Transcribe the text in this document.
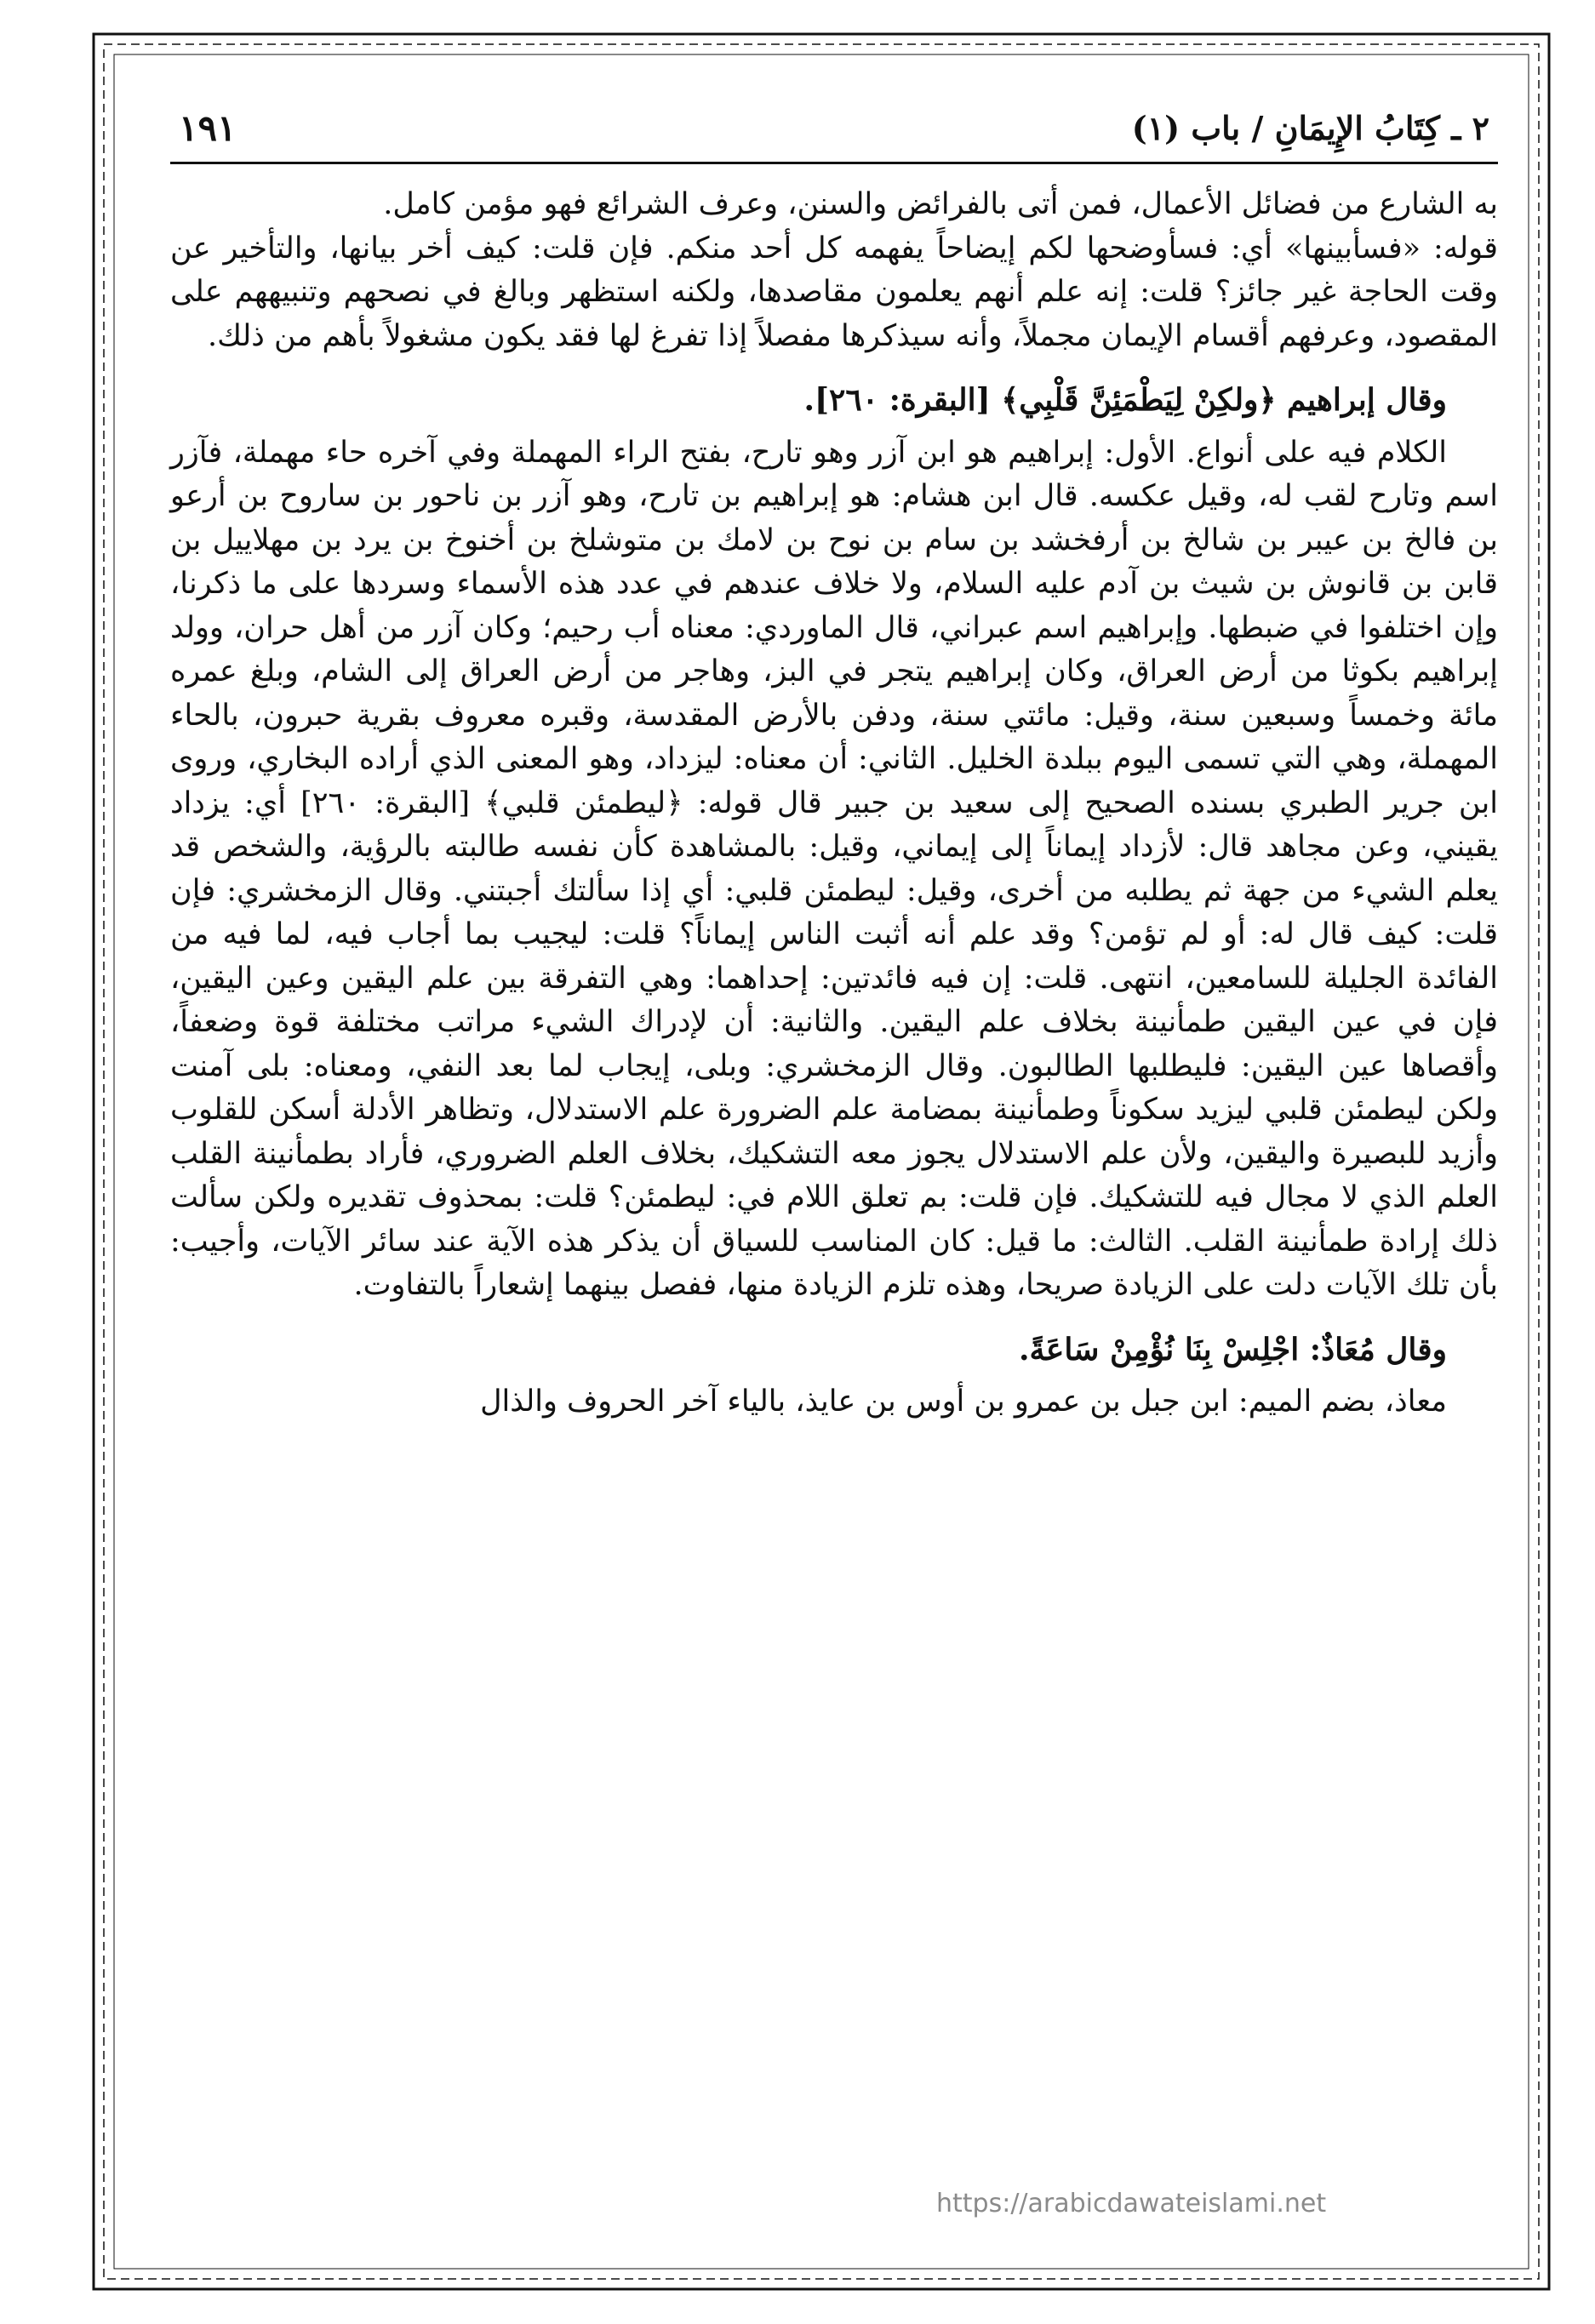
٢ ـ كِتَابُ الإِيمَانِ / باب (١)
١٩١

به الشارع من فضائل الأعمال، فمن أتى بالفرائض والسنن، وعرف الشرائع فهو مؤمن كامل.

قوله: «فسأبينها» أي: فسأوضحها لكم إيضاحاً يفهمه كل أحد منكم. فإن قلت: كيف أخر بيانها، والتأخير عن وقت الحاجة غير جائز؟ قلت: إنه علم أنهم يعلمون مقاصدها، ولكنه استظهر وبالغ في نصحهم وتنبيههم على المقصود، وعرفهم أقسام الإيمان مجملاً، وأنه سيذكرها مفصلاً إذا تفرغ لها فقد يكون مشغولاً بأهم من ذلك.

وقال إبراهيم ﴿ولكِنْ لِيَطْمَئِنَّ قَلْبِي﴾ [البقرة: ٢٦٠].

الكلام فيه على أنواع. الأول: إبراهيم هو ابن آزر وهو تارح، بفتح الراء المهملة وفي آخره حاء مهملة، فآزر اسم وتارح لقب له، وقيل عكسه. قال ابن هشام: هو إبراهيم بن تارح، وهو آزر بن ناحور بن ساروح بن أرعو بن فالخ بن عيبر بن شالخ بن أرفخشد بن سام بن نوح بن لامك بن متوشلخ بن أخنوخ بن يرد بن مهلاييل بن قابن بن قانوش بن شيث بن آدم عليه السلام، ولا خلاف عندهم في عدد هذه الأسماء وسردها على ما ذكرنا، وإن اختلفوا في ضبطها. وإبراهيم اسم عبراني، قال الماوردي: معناه أب رحيم؛ وكان آزر من أهل حران، وولد إبراهيم بكوثا من أرض العراق، وكان إبراهيم يتجر في البز، وهاجر من أرض العراق إلى الشام، وبلغ عمره مائة وخمساً وسبعين سنة، وقيل: مائتي سنة، ودفن بالأرض المقدسة، وقبره معروف بقرية حبرون، بالحاء المهملة، وهي التي تسمى اليوم ببلدة الخليل. الثاني: أن معناه: ليزداد، وهو المعنى الذي أراده البخاري، وروى ابن جرير الطبري بسنده الصحيح إلى سعيد بن جبير قال قوله: ﴿ليطمئن قلبي﴾ [البقرة: ٢٦٠] أي: يزداد يقيني، وعن مجاهد قال: لأزداد إيماناً إلى إيماني، وقيل: بالمشاهدة كأن نفسه طالبته بالرؤية، والشخص قد يعلم الشيء من جهة ثم يطلبه من أخرى، وقيل: ليطمئن قلبي: أي إذا سألتك أجبتني. وقال الزمخشري: فإن قلت: كيف قال له: أو لم تؤمن؟ وقد علم أنه أثبت الناس إيماناً؟ قلت: ليجيب بما أجاب فيه، لما فيه من الفائدة الجليلة للسامعين، انتهى. قلت: إن فيه فائدتين: إحداهما: وهي التفرقة بين علم اليقين وعين اليقين، فإن في عين اليقين طمأنينة بخلاف علم اليقين. والثانية: أن لإدراك الشيء مراتب مختلفة قوة وضعفاً، وأقصاها عين اليقين: فليطلبها الطالبون. وقال الزمخشري: وبلى، إيجاب لما بعد النفي، ومعناه: بلى آمنت ولكن ليطمئن قلبي ليزيد سكوناً وطمأنينة بمضامة علم الضرورة علم الاستدلال، وتظاهر الأدلة أسكن للقلوب وأزيد للبصيرة واليقين، ولأن علم الاستدلال يجوز معه التشكيك، بخلاف العلم الضروري، فأراد بطمأنينة القلب العلم الذي لا مجال فيه للتشكيك. فإن قلت: بم تعلق اللام في: ليطمئن؟ قلت: بمحذوف تقديره ولكن سألت ذلك إرادة طمأنينة القلب. الثالث: ما قيل: كان المناسب للسياق أن يذكر هذه الآية عند سائر الآيات، وأجيب: بأن تلك الآيات دلت على الزيادة صريحا، وهذه تلزم الزيادة منها، ففصل بينهما إشعاراً بالتفاوت.

وقال مُعَاذٌ: اجْلِسْ بِنَا نُؤْمِنْ سَاعَةً.

معاذ، بضم الميم: ابن جبل بن عمرو بن أوس بن عايذ، بالياء آخر الحروف والذال

https://arabicdawateislami.net
